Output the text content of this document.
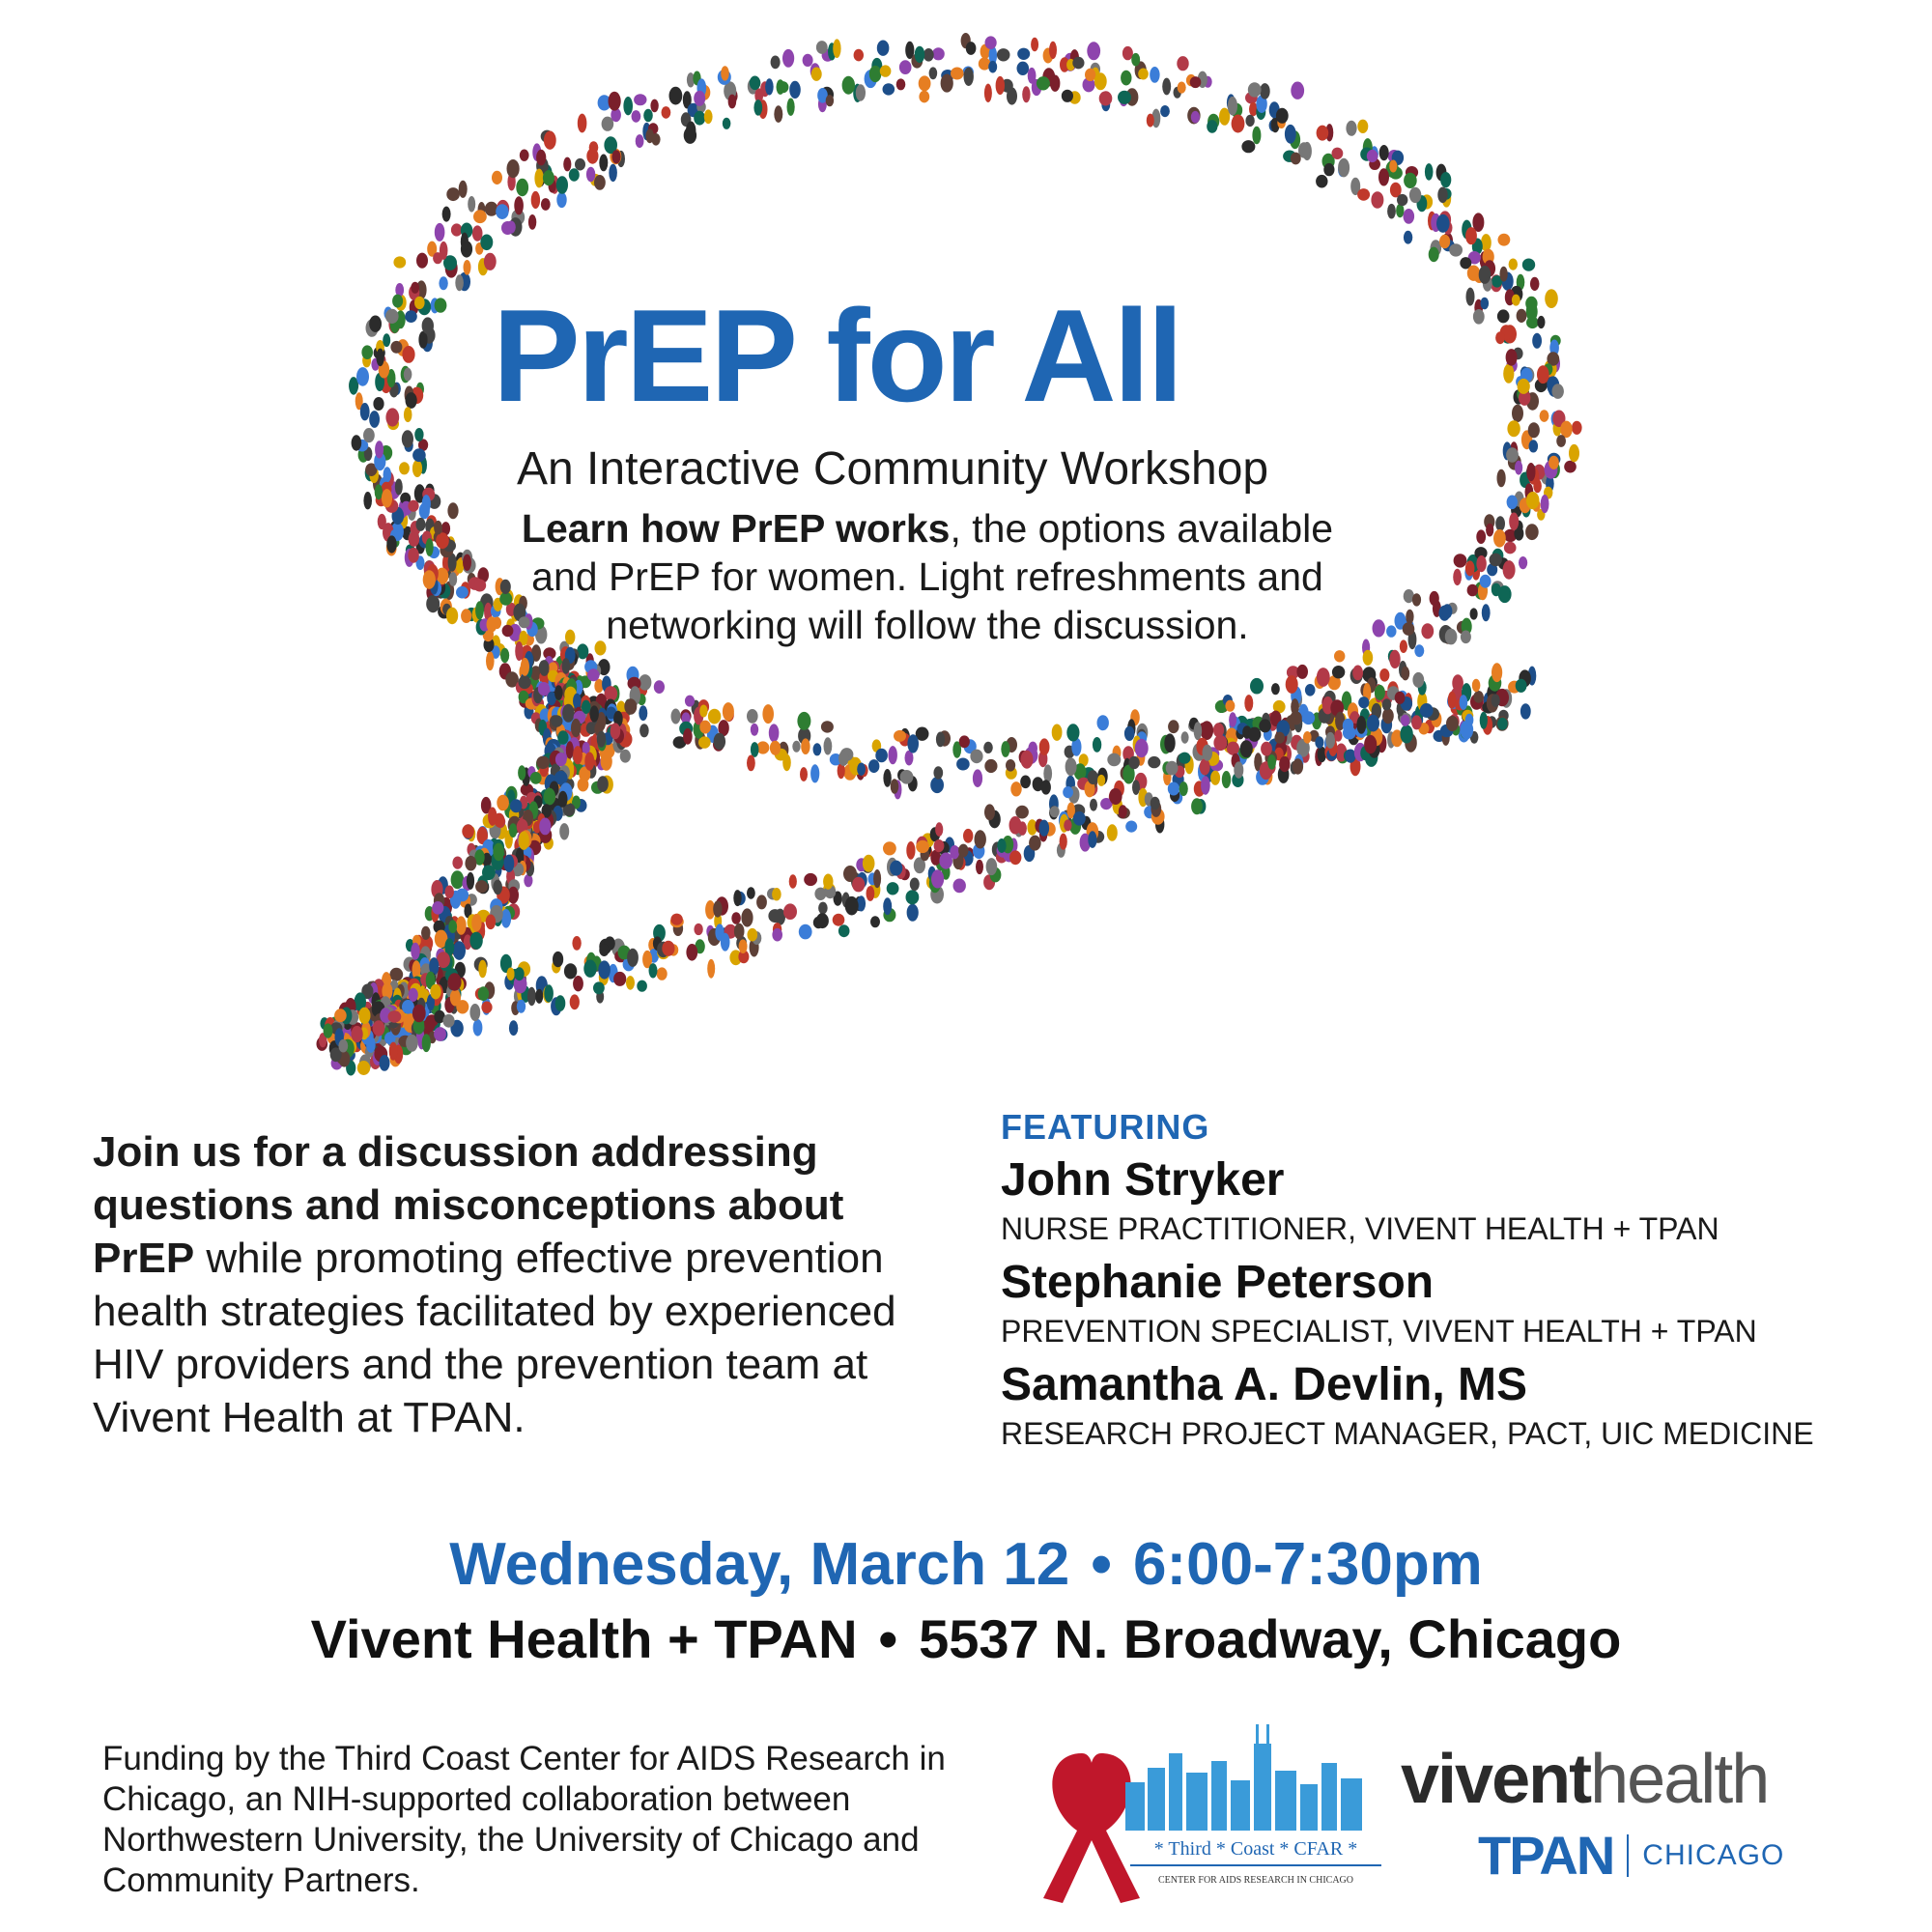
PrEP for All
An Interactive Community Workshop
Learn how PrEP works, the options available and PrEP for women. Light refreshments and networking will follow the discussion.
Join us for a discussion addressing questions and misconceptions about PrEP while promoting effective prevention health strategies facilitated by experienced HIV providers and the prevention team at Vivent Health at TPAN.
FEATURING
John Stryker
NURSE PRACTITIONER, VIVENT HEALTH + TPAN
Stephanie Peterson
PREVENTION SPECIALIST, VIVENT HEALTH + TPAN
Samantha A. Devlin, MS
RESEARCH PROJECT MANAGER, PACT, UIC MEDICINE
Wednesday, March 12 • 6:00-7:30pm
Vivent Health + TPAN • 5537 N. Broadway, Chicago
Funding by the Third Coast Center for AIDS Research in Chicago, an NIH-supported collaboration between Northwestern University, the University of Chicago and Community Partners.
* Third * Coast * CFAR *
CENTER FOR AIDS RESEARCH IN CHICAGO
viventhealth
TPAN CHICAGO
